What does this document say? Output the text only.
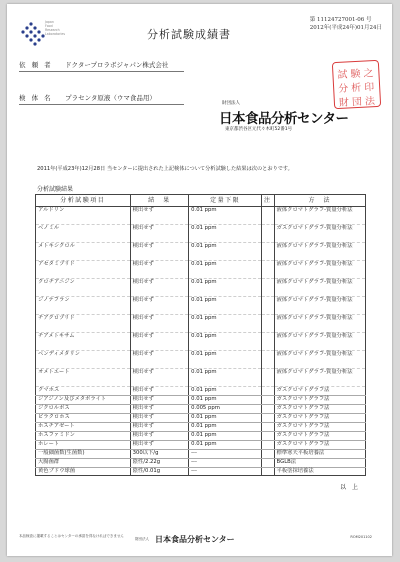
Japan
Food
Research
Laboratories	分析試験成績書
第 11124727001-06 号
2012年(平成24年)01月24日
依 頼 者 ドクタープロラボジャパン株式会社
検 体 名 プラセンタ原液（ウマ食品用）
試 験 之
分 析 印
財 団 法
財団法人
日本食品分析センター
東京都渋谷区元代々木町52番1号
2011年(平成23年)12月28日 当センターに提出された上記検体について分析試験した結果は次のとおりです。
分析試験結果
分析試験項目	結　果	定量下限	注	方　法
アルドリン	検出せず	0.01 ppm		液体クロマトグラフ-質量分析法
ベノミル	検出せず	0.01 ppm		ガスクロマトグラフ-質量分析法
メトキシクロル	検出せず	0.01 ppm		液体クロマトグラフ-質量分析法
アセタミプリド	検出せず	0.01 ppm		液体クロマトグラフ-質量分析法
クロチアニジン	検出せず	0.01 ppm		液体クロマトグラフ-質量分析法
ジノテフラン	検出せず	0.01 ppm		液体クロマトグラフ-質量分析法
チアクロプリド	検出せず	0.01 ppm		液体クロマトグラフ-質量分析法
チアメトキサム	検出せず	0.01 ppm		液体クロマトグラフ-質量分析法
ペンディメタリン	検出せず	0.01 ppm		液体クロマトグラフ-質量分析法
オメトエート	検出せず	0.01 ppm		液体クロマトグラフ-質量分析法
クマホス	検出せず	0.01 ppm		ガスクロマトグラフ法
ジアジノン及びメタボライト	検出せず	0.01 ppm		ガスクロマトグラフ法
ジクロルボス	検出せず	0.005 ppm		ガスクロマトグラフ法
ピラクロホス	検出せず	0.01 ppm		ガスクロマトグラフ法
ホスチアゼート	検出せず	0.01 ppm		ガスクロマトグラフ法
ホスファミドン	検出せず	0.01 ppm		ガスクロマトグラフ法
ホレート	検出せず	0.01 ppm		ガスクロマトグラフ法
一般細菌数(生菌数)	300以下/g	---		標準寒天平板培養法
大腸菌群	陰性/2.22g	---		BGLB法
黄色ブドウ球菌	陰性/0.01g	---		平板塗抹培養法
以　上
本品検査に掲載することはセンターの承諾を得なければできません
財団法人 日本食品分析センター	ROM201102
